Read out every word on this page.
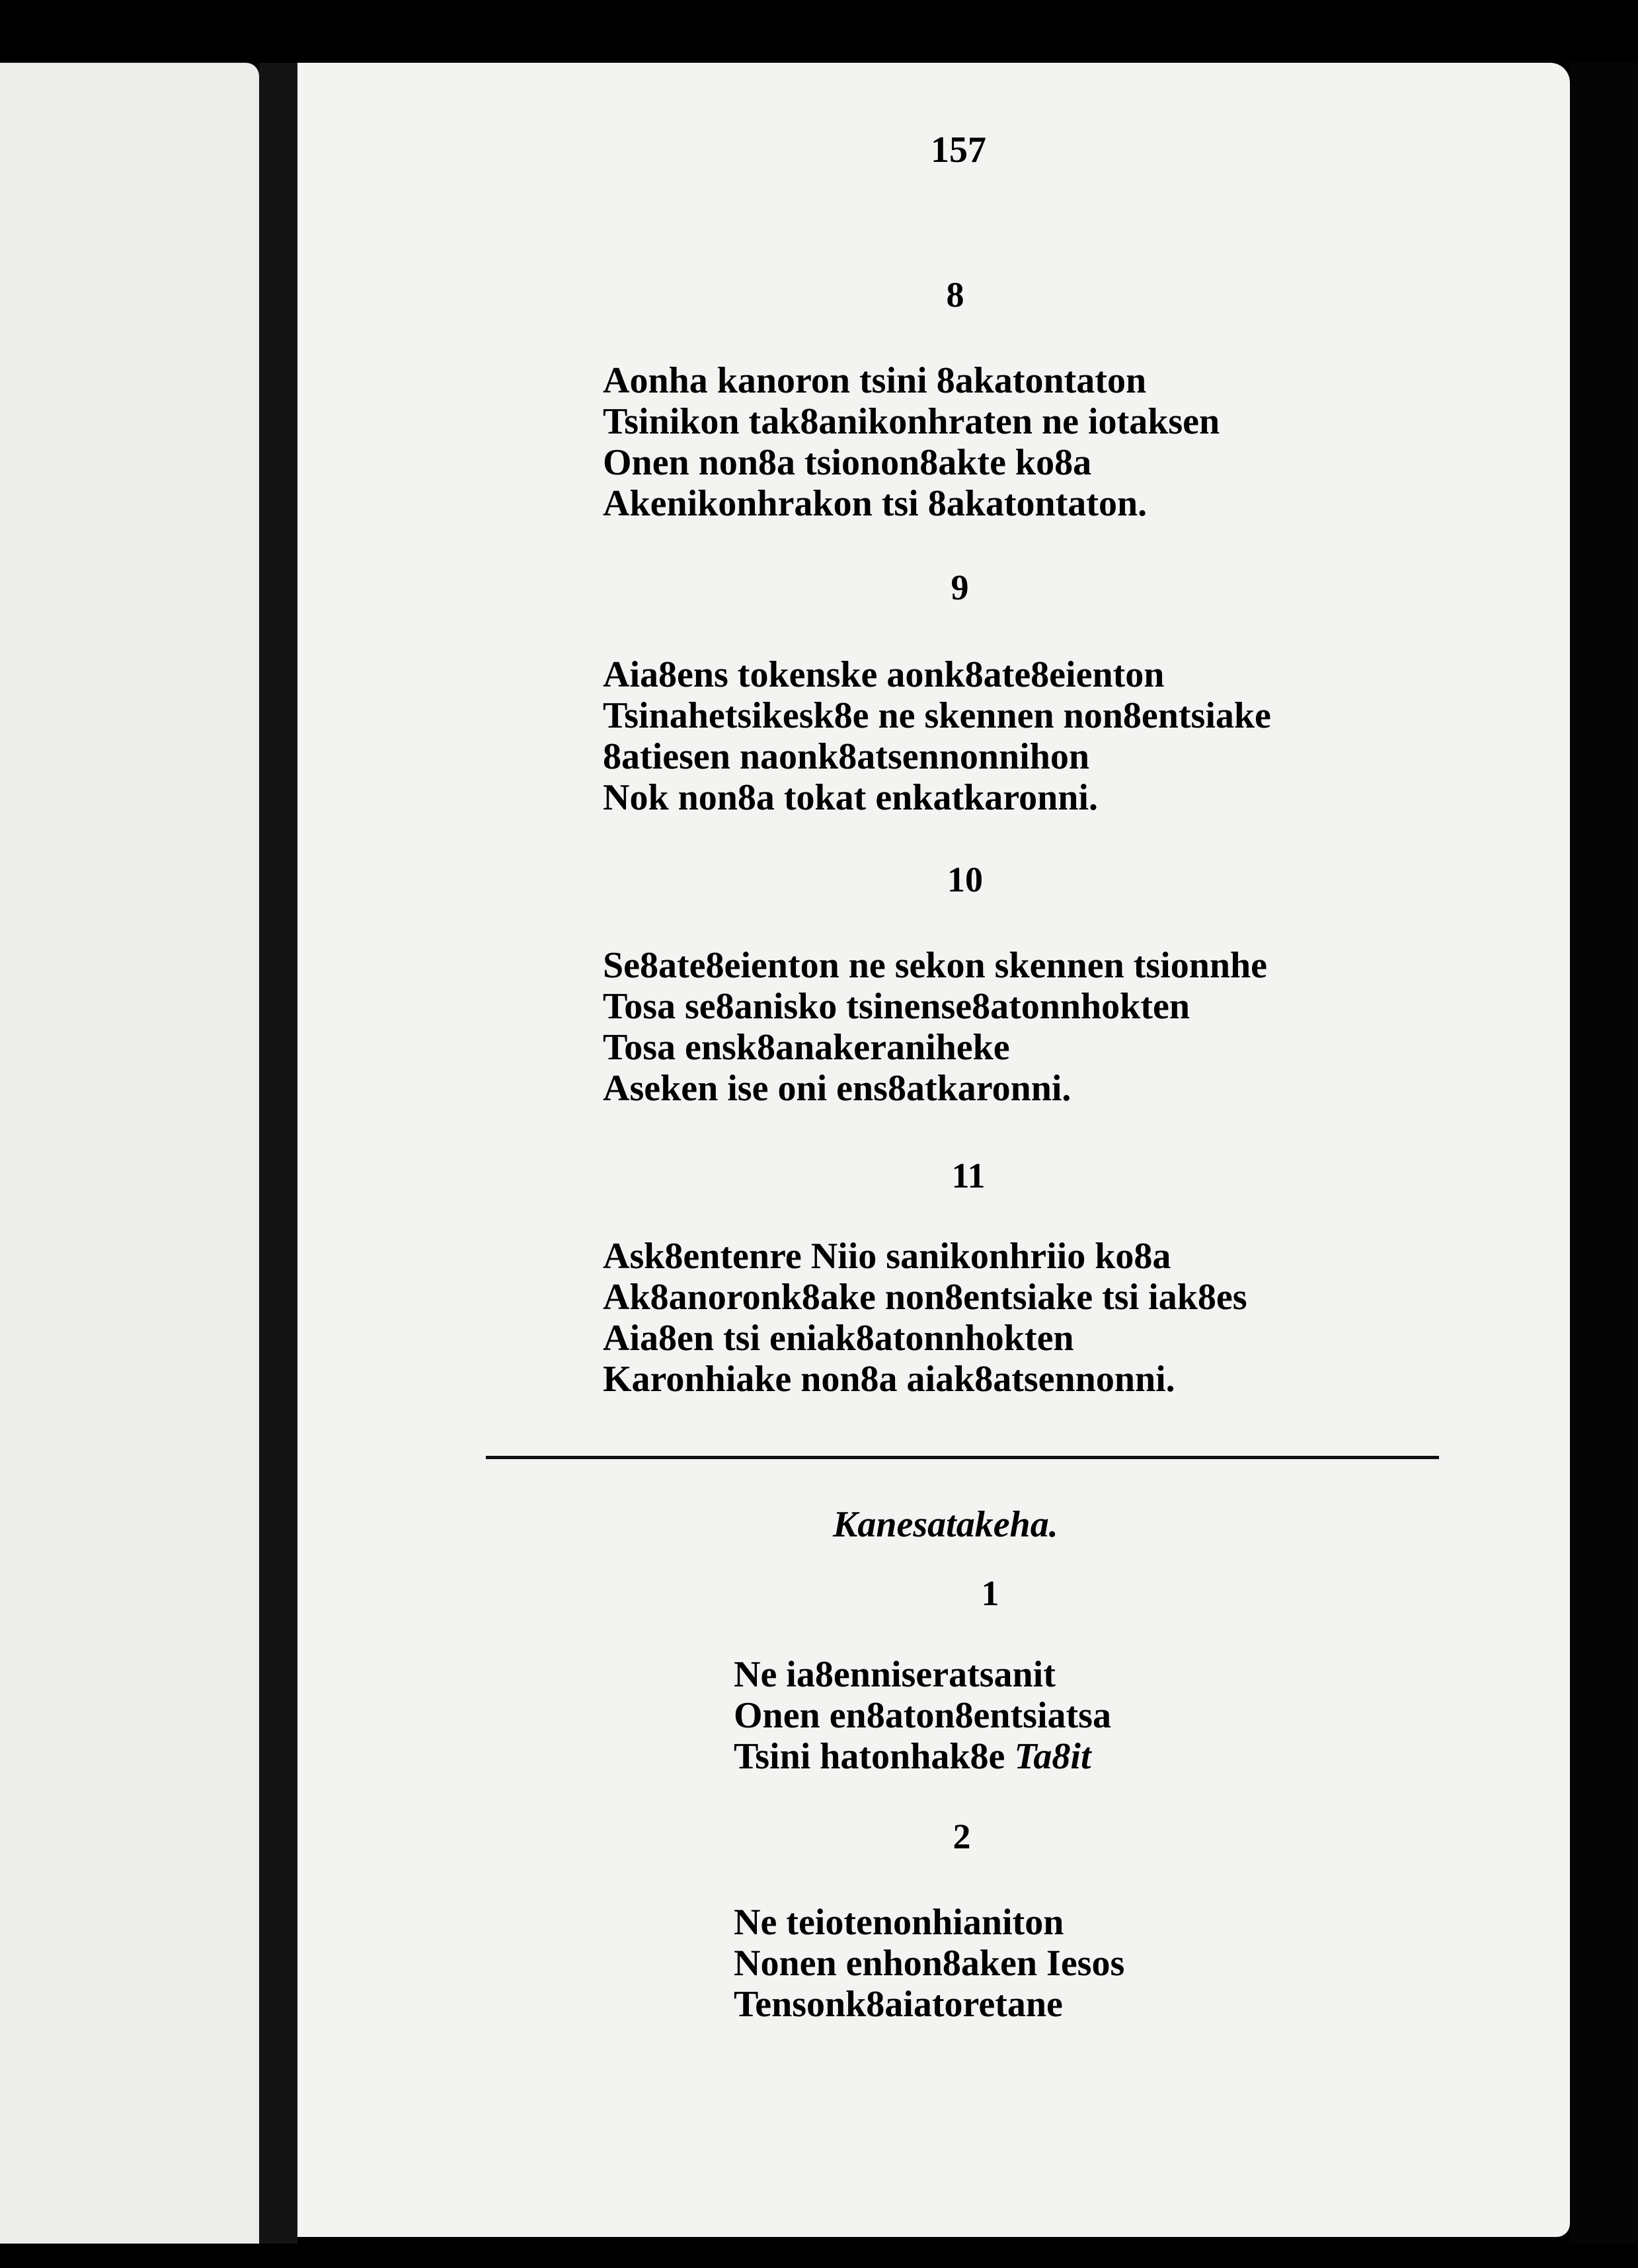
157
8
Aonha kanoron tsini 8akatontaton
Tsinikon tak8anikonhraten ne iotaksen
Onen non8a tsionon8akte ko8a
Akenikonhrakon tsi 8akatontaton.
9
Aia8ens tokenske aonk8ate8eienton
Tsinahetsikesk8e ne skennen non8entsiake
8atiesen naonk8atsennonnihon
Nok non8a tokat enkatkaronni.
10
Se8ate8eienton ne sekon skennen tsionnhe
Tosa se8anisko tsinense8atonnhokten
Tosa ensk8anakeraniheke
Aseken ise oni ens8atkaronni.
11
Ask8entenre Niio sanikonhriio ko8a
Ak8anoronk8ake non8entsiake tsi iak8es
Aia8en tsi eniak8atonnhokten
Karonhiake non8a aiak8atsennonni.
Kanesatakeha.
1
Ne ia8enniseratsanit
Onen en8aton8entsiatsa
Tsini hatonhak8e Ta8it
2
Ne teiotenonhianiton
Nonen enhon8aken Iesos
Tensonk8aiatoretane
